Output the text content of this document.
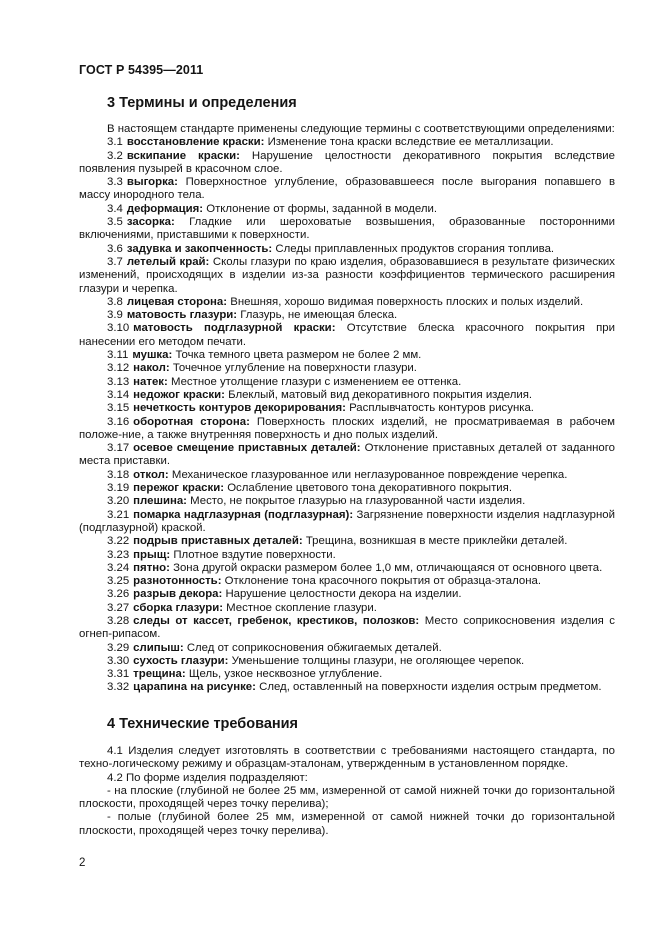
ГОСТ Р 54395—2011
3 Термины и определения

В настоящем стандарте применены следующие термины с соответствующими определениями:

3.1 восстановление краски: Изменение тона краски вследствие ее металлизации.

3.2 вскипание краски: Нарушение целостности декоративного покрытия вследствие появления пузырей в красочном слое.

3.3 выгорка: Поверхностное углубление, образовавшееся после выгорания попавшего в массу инородного тела.

3.4 деформация: Отклонение от формы, заданной в модели.

3.5 засорка: Гладкие или шероховатые возвышения, образованные посторонними включениями, приставшими к поверхности.

3.6 задувка и закопченность: Следы приплавленных продуктов сгорания топлива.

3.7 летелый край: Сколы глазури по краю изделия, образовавшиеся в результате физических изменений, происходящих в изделии из-за разности коэффициентов термического расширения глазури и черепка.

3.8 лицевая сторона: Внешняя, хорошо видимая поверхность плоских и полых изделий.

3.9 матовость глазури: Глазурь, не имеющая блеска.

3.10 матовость подглазурной краски: Отсутствие блеска красочного покрытия при нанесении его методом печати.

3.11 мушка: Точка темного цвета размером не более 2 мм.

3.12 накол: Точечное углубление на поверхности глазури.

3.13 натек: Местное утолщение глазури с изменением ее оттенка.

3.14 недожог краски: Блеклый, матовый вид декоративного покрытия изделия.

3.15 нечеткость контуров декорирования: Расплывчатость контуров рисунка.

3.16 оборотная сторона: Поверхность плоских изделий, не просматриваемая в рабочем положе-ние, а также внутренняя поверхность и дно полых изделий.

3.17 осевое смещение приставных деталей: Отклонение приставных деталей от заданного места приставки.

3.18 откол: Механическое глазурованное или неглазурованное повреждение черепка.

3.19 пережог краски: Ослабление цветового тона декоративного покрытия.

3.20 плешина: Место, не покрытое глазурью на глазурованной части изделия.

3.21 помарка надглазурная (подглазурная): Загрязнение поверхности изделия надглазурной (подглазурной) краской.

3.22 подрыв приставных деталей: Трещина, возникшая в месте приклейки деталей.

3.23 прыщ: Плотное вздутие поверхности.

3.24 пятно: Зона другой окраски размером более 1,0 мм, отличающаяся от основного цвета.

3.25 разнотонность: Отклонение тона красочного покрытия от образца-эталона.

3.26 разрыв декора: Нарушение целостности декора на изделии.

3.27 сборка глазури: Местное скопление глазури.

3.28 следы от кассет, гребенок, крестиков, полозков: Место соприкосновения изделия с огнеп-рипасом.

3.29 слипыш: След от соприкосновения обжигаемых деталей.

3.30 сухость глазури: Уменьшение толщины глазури, не оголяющее черепок.

3.31 трещина: Щель, узкое несквозное углубление.

3.32 царапина на рисунке: След, оставленный на поверхности изделия острым предметом.

4 Технические требования

4.1 Изделия следует изготовлять в соответствии с требованиями настоящего стандарта, по техно-логическому режиму и образцам-эталонам, утвержденным в установленном порядке.

4.2 По форме изделия подразделяют:

- на плоские (глубиной не более 25 мм, измеренной от самой нижней точки до горизонтальной плоскости, проходящей через точку перелива);

- полые (глубиной более 25 мм, измеренной от самой нижней точки до горизонтальной плоскости, проходящей через точку перелива).

2
